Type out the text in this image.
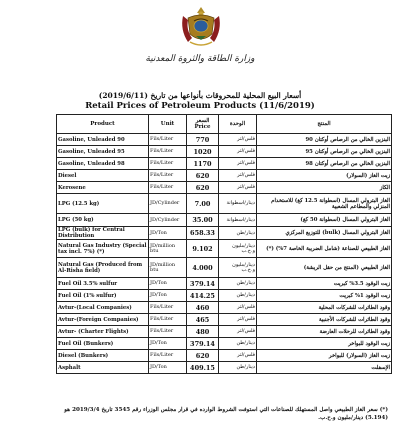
وزارة الطاقة والثروة المعدنية
أسعار البيع المحلية للمحروقات بأنواعها من تاريخ (2019/6/11)
Retail Prices of Petroleum Products (11/6/2019)
Product	Unit	السعر Price	الوحدة	المنتج
Gasoline, Unleaded 90	Fils/Liter	770	فلس/لتر	البنزين الخالي من الرصاص أوكتان 90
Gasoline, Unleaded 95	Fils/Liter	1020	فلس/لتر	البنزين الخالي من الرصاص أوكتان 95
Gasoline, Unleaded 98	Fils/Liter	1170	فلس/لتر	البنزين الخالي من الرصاص أوكتان 98
Diesel	Fils/Liter	620	فلس/لتر	زيت الغاز (السولار)
Kerosene	Fils/Liter	620	فلس/لتر	الكاز
LPG (12.5 kg)	JD/Cylinder	7.00	دينار/اسطوانة	الغاز البترولي المسال (اسطوانة 12.5 كغ) للاستخدام المنزلي والمطاعم الشعبية
LPG (50 kg)	JD/Cylinder	35.00	دينار/اسطوانة	الغاز البترولي المسال (اسطوانة 50 كغ)
LPG (bulk) for Central Distribution	JD/Ton	658.33	دينار/طن	الغاز البترولي المسال (bulk) للتوزيع المركزي
Natural Gas Industry (Special tax incl. 7%) (*)	JD/million btu	9.102	دينار/مليون و.ح.ب	الغاز الطبيعي للصناعة (شامل الضريبة الخاصة 7%) (*)
Natural Gas (Produced from Al-Risha field)	JD/million btu	4.000	دينار/مليون و.ح.ب	الغاز الطبيعي (المنتج من حقل الريشة)
Fuel Oil 3.5% sulfur	JD/Ton	379.14	دينار/طن	زيت الوقود 3.5% كبريت
Fuel Oil (1% sulfur)	JD/Ton	414.25	دينار/طن	زيت الوقود 1% كبريت
Avtur-(Local Companies)	Fils/Liter	460	فلس/لتر	وقود الطائرات للشركات المحلية
Avtur-(Foreign Companies)	Fils/Liter	465	فلس/لتر	وقود الطائرات للشركات الأجنبية
Avtur- (Charter Flights)	Fils/Liter	480	فلس/لتر	وقود الطائرات للرحلات العارضة
Fuel Oil (Bunkers)	JD/Ton	379.14	دينار/طن	زيت الوقود للبواخر
Diesel (Bunkers)	Fils/Liter	620	فلس/لتر	زيت الغاز (السولار) للبواخر
Asphalt	JD/Ton	409.15	دينار/طن	الإسفلت
(*) سعر الغاز الطبيعي واصل المستهلك للصناعات التي استوفت الشروط الوارده في قرار مجلس الوزراء رقم 3545 تاريخ 2019/3/4 هو (5.194) دينار/مليون و.ح.ب.
